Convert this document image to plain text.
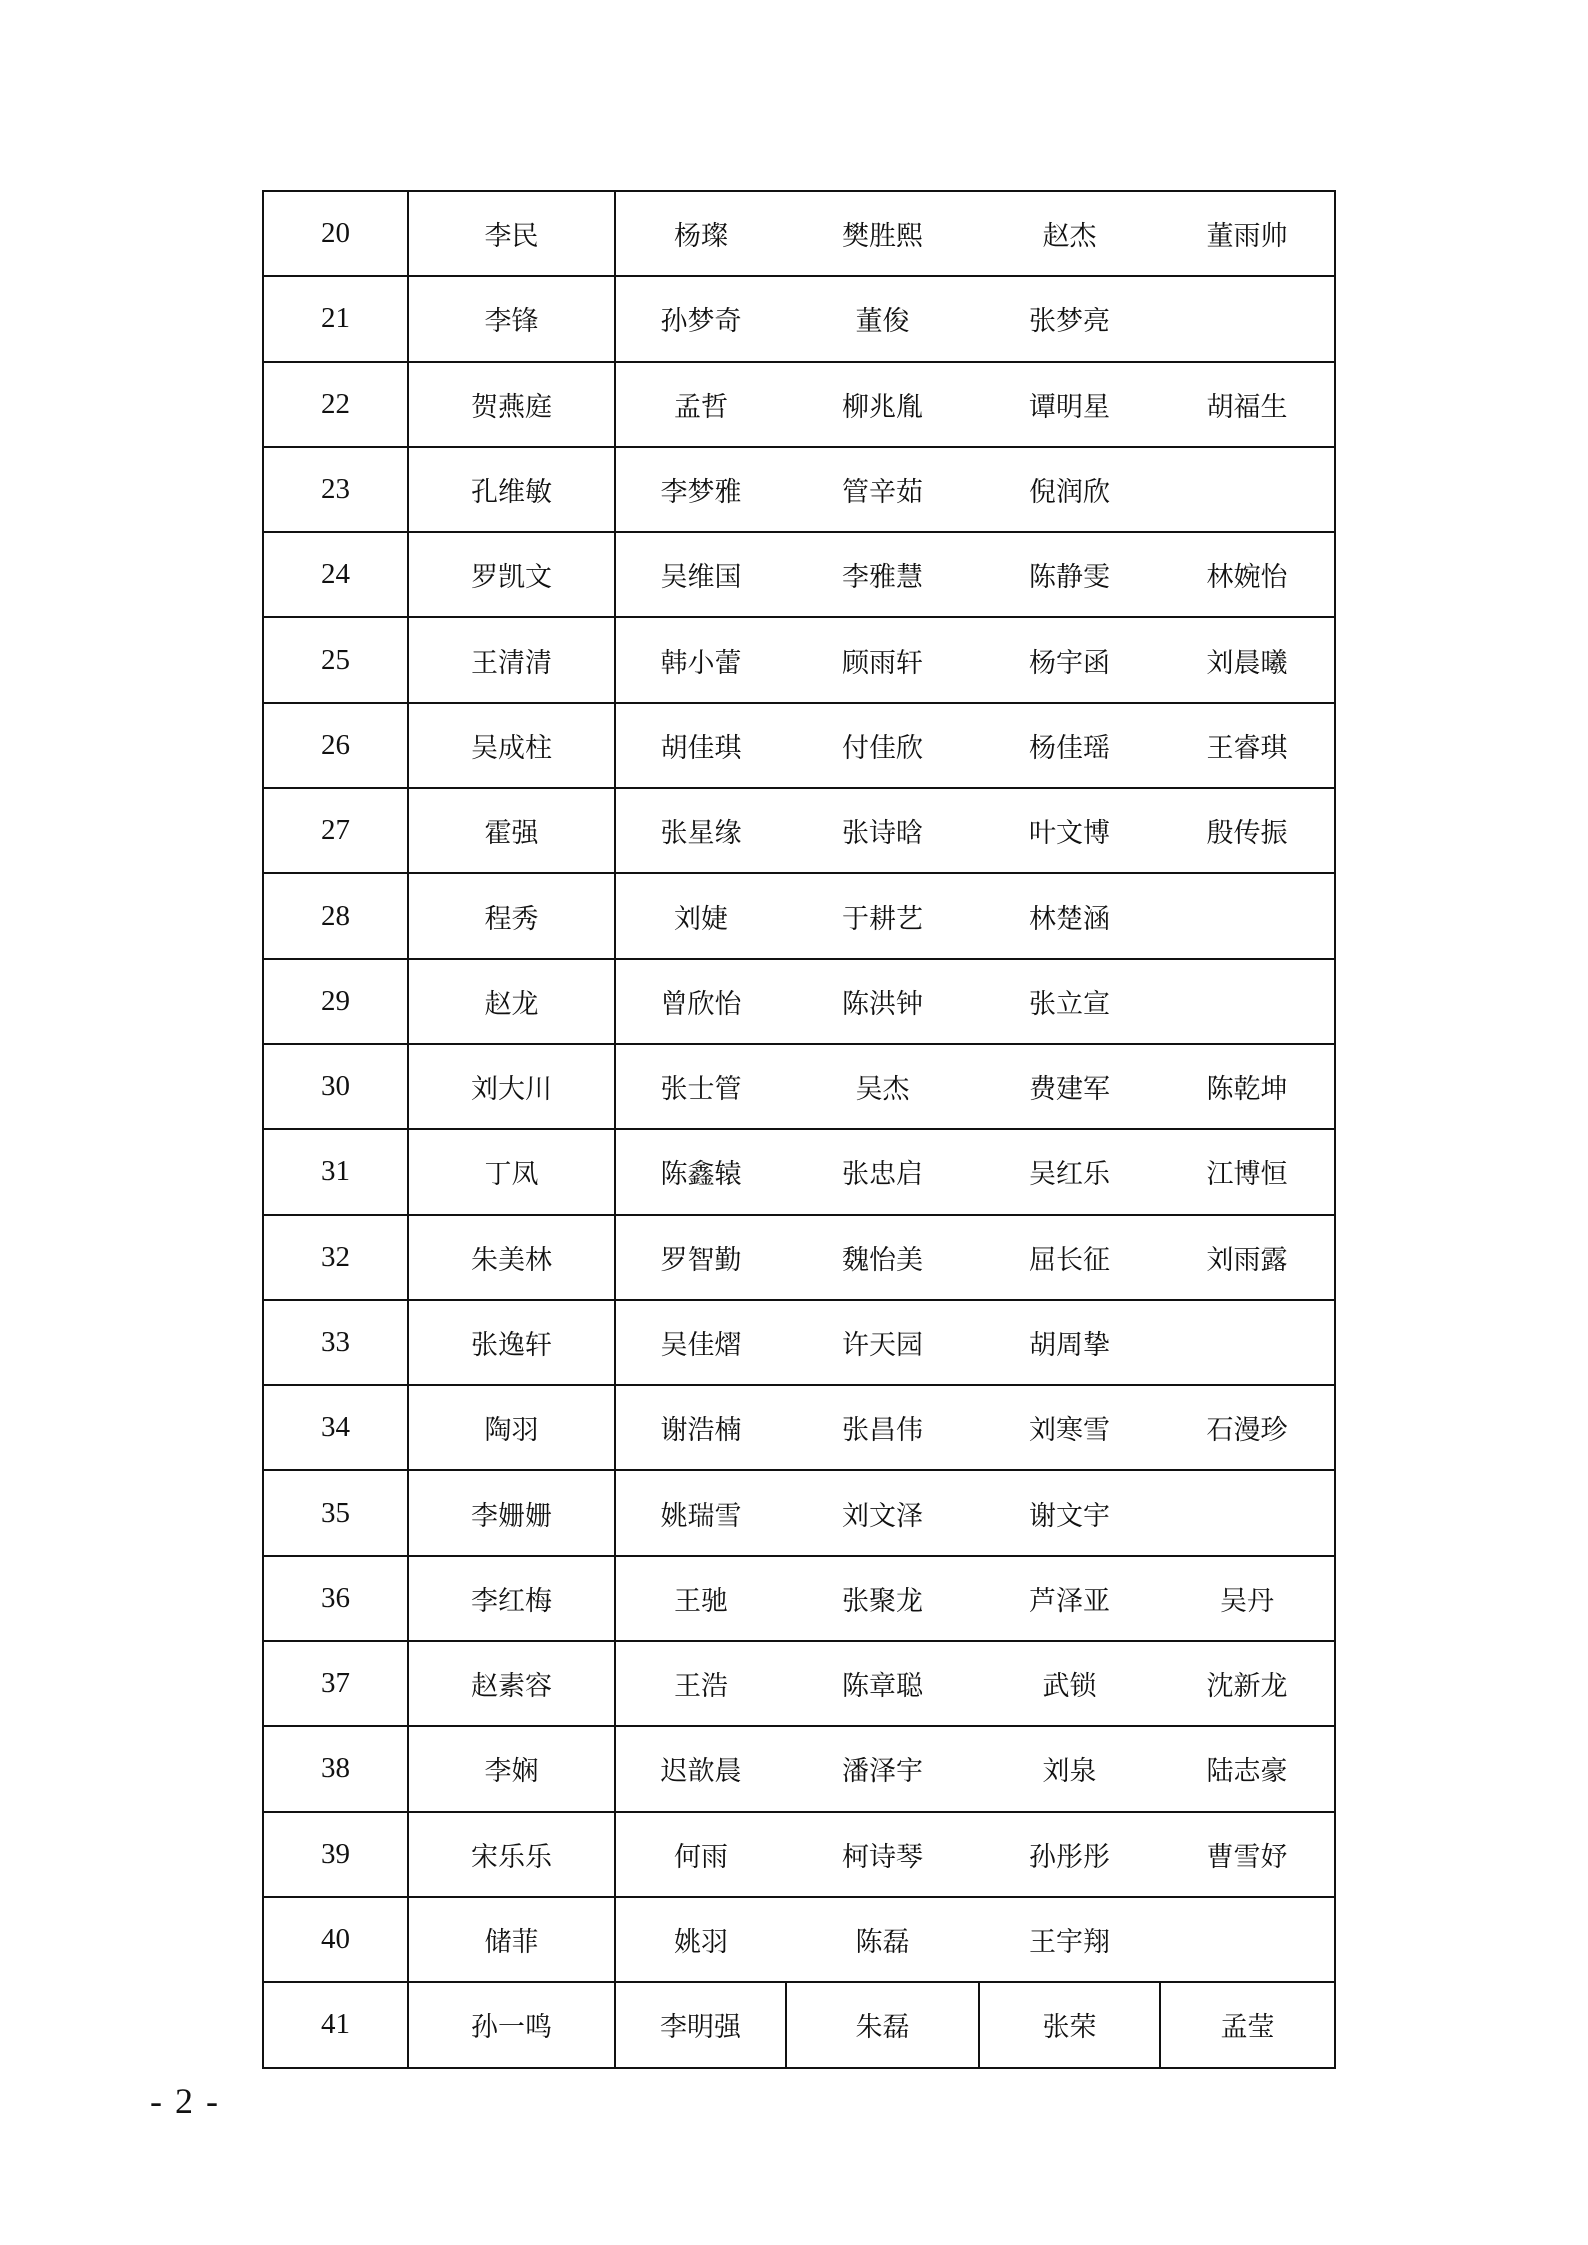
20	李民	杨璨	樊胜熙	赵杰	董雨帅
21	李锋	孙梦奇	董俊	张梦亮	
22	贺燕庭	孟哲	柳兆胤	谭明星	胡福生
23	孔维敏	李梦雅	管辛茹	倪润欣	
24	罗凯文	吴维国	李雅慧	陈静雯	林婉怡
25	王清清	韩小蕾	顾雨轩	杨宇函	刘晨曦
26	吴成柱	胡佳琪	付佳欣	杨佳瑶	王睿琪
27	霍强	张星缘	张诗晗	叶文博	殷传振
28	程秀	刘婕	于耕艺	林楚涵	
29	赵龙	曾欣怡	陈洪钟	张立宣	
30	刘大川	张士管	吴杰	费建军	陈乾坤
31	丁凤	陈鑫辕	张忠启	吴红乐	江博恒
32	朱美林	罗智勤	魏怡美	屈长征	刘雨露
33	张逸轩	吴佳熠	许天园	胡周挚	
34	陶羽	谢浩楠	张昌伟	刘寒雪	石漫珍
35	李姗姗	姚瑞雪	刘文泽	谢文宇	
36	李红梅	王驰	张聚龙	芦泽亚	吴丹
37	赵素容	王浩	陈章聪	武锁	沈新龙
38	李娴	迟歆晨	潘泽宇	刘泉	陆志豪
39	宋乐乐	何雨	柯诗琴	孙彤彤	曹雪妤
40	储菲	姚羽	陈磊	王宇翔	
41	孙一鸣	李明强	朱磊	张荣	孟莹
- 2 -
